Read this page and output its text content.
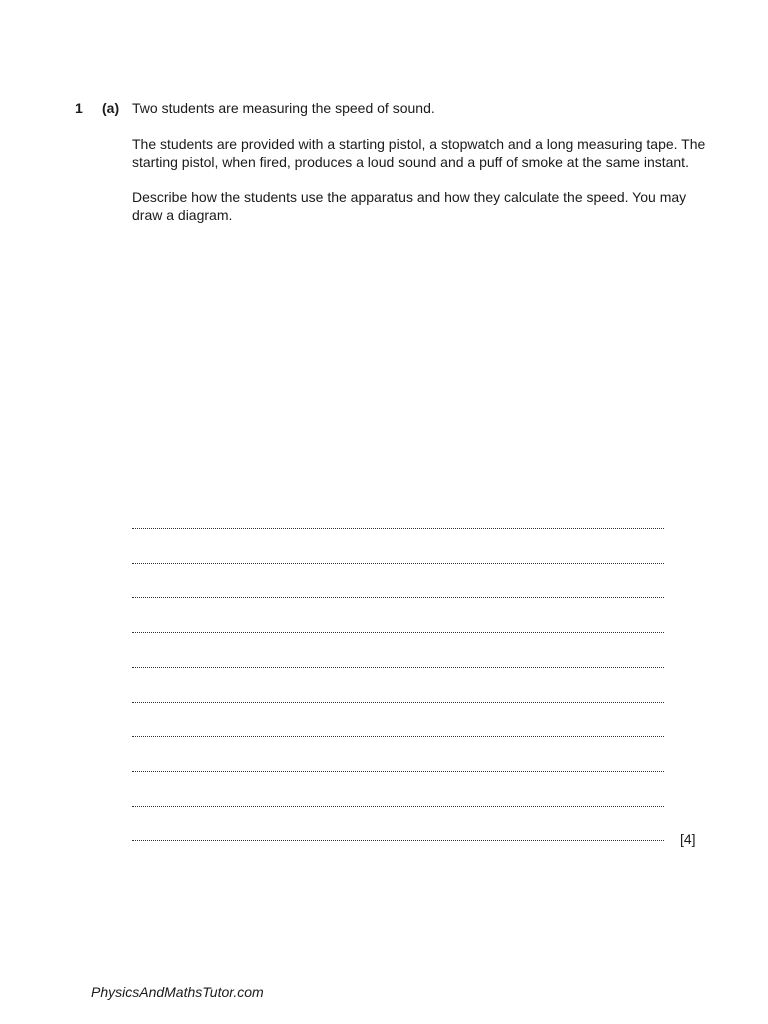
1 (a) Two students are measuring the speed of sound.

The students are provided with a starting pistol, a stopwatch and a long measuring tape. The starting pistol, when fired, produces a loud sound and a puff of smoke at the same instant.

Describe how the students use the apparatus and how they calculate the speed. You may draw a diagram.

[4]
PhysicsAndMathsTutor.com
